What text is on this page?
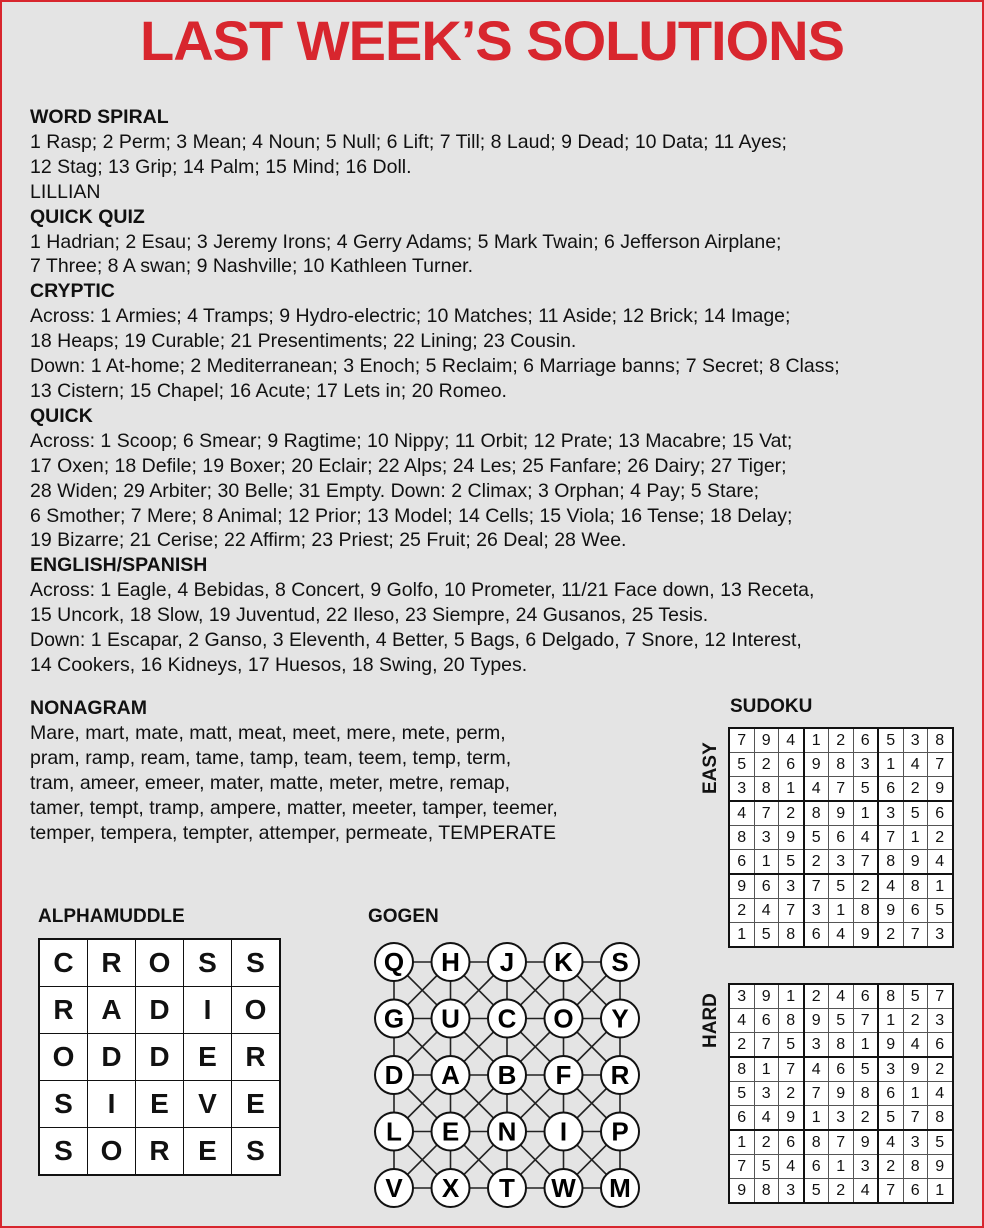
LAST WEEK’S SOLUTIONS

WORD SPIRAL

1 Rasp; 2 Perm; 3 Mean; 4 Noun; 5 Null; 6 Lift; 7 Till; 8 Laud; 9 Dead; 10 Data; 11 Ayes;

12 Stag; 13 Grip; 14 Palm; 15 Mind; 16 Doll.

LILLIAN

QUICK QUIZ

1 Hadrian; 2 Esau; 3 Jeremy Irons; 4 Gerry Adams; 5 Mark Twain; 6 Jefferson Airplane;

7 Three; 8 A swan; 9 Nashville; 10 Kathleen Turner.

CRYPTIC

Across: 1 Armies; 4 Tramps; 9 Hydro-electric; 10 Matches; 11 Aside; 12 Brick; 14 Image;

18 Heaps; 19 Curable; 21 Presentiments; 22 Lining; 23 Cousin.

Down: 1 At-home; 2 Mediterranean; 3 Enoch; 5 Reclaim; 6 Marriage banns; 7 Secret; 8 Class;

13 Cistern; 15 Chapel; 16 Acute; 17 Lets in; 20 Romeo.

QUICK

Across: 1 Scoop; 6 Smear; 9 Ragtime; 10 Nippy; 11 Orbit; 12 Prate; 13 Macabre; 15 Vat;

17 Oxen; 18 Defile; 19 Boxer; 20 Eclair; 22 Alps; 24 Les; 25 Fanfare; 26 Dairy; 27 Tiger;

28 Widen; 29 Arbiter; 30 Belle; 31 Empty. Down: 2 Climax; 3 Orphan; 4 Pay; 5 Stare;

6 Smother; 7 Mere; 8 Animal; 12 Prior; 13 Model; 14 Cells; 15 Viola; 16 Tense; 18 Delay;

19 Bizarre; 21 Cerise; 22 Affirm; 23 Priest; 25 Fruit; 26 Deal; 28 Wee.

ENGLISH/SPANISH

Across: 1 Eagle, 4 Bebidas, 8 Concert, 9 Golfo, 10 Prometer, 11/21 Face down, 13 Receta,

15 Uncork, 18 Slow, 19 Juventud, 22 Ileso, 23 Siempre, 24 Gusanos, 25 Tesis.

Down: 1 Escapar, 2 Ganso, 3 Eleventh, 4 Better, 5 Bags, 6 Delgado, 7 Snore, 12 Interest,

14 Cookers, 16 Kidneys, 17 Huesos, 18 Swing, 20 Types.

NONAGRAM

Mare, mart, mate, matt, meat, meet, mere, mete, perm,

pram, ramp, ream, tame, tamp, team, teem, temp, term,

tram, ameer, emeer, mater, matte, meter, metre, remap,

tamer, tempt, tramp, ampere, matter, meeter, tamper, teemer,

temper, tempera, tempter, attemper, permeate, TEMPERATE

ALPHAMUDDLE
C	R	O	S	S
R	A	D	I	O
O	D	D	E	R
S	I	E	V	E
S	O	R	E	S
GOGEN
Q H J K S
G U C O Y
D A B F R
L E N I P
V X T W M
SUDOKU
EASY
7	9	4	1	2	6	5	3	8
5	2	6	9	8	3	1	4	7
3	8	1	4	7	5	6	2	9
4	7	2	8	9	1	3	5	6
8	3	9	5	6	4	7	1	2
6	1	5	2	3	7	8	9	4
9	6	3	7	5	2	4	8	1
2	4	7	3	1	8	9	6	5
1	5	8	6	4	9	2	7	3
HARD 3	9	1	2	4	6	8	5	7
4	6	8	9	5	7	1	2	3
2	7	5	3	8	1	9	4	6
8	1	7	4	6	5	3	9	2
5	3	2	7	9	8	6	1	4
6	4	9	1	3	2	5	7	8
1	2	6	8	7	9	4	3	5
7	5	4	6	1	3	2	8	9
9	8	3	5	2	4	7	6	1
